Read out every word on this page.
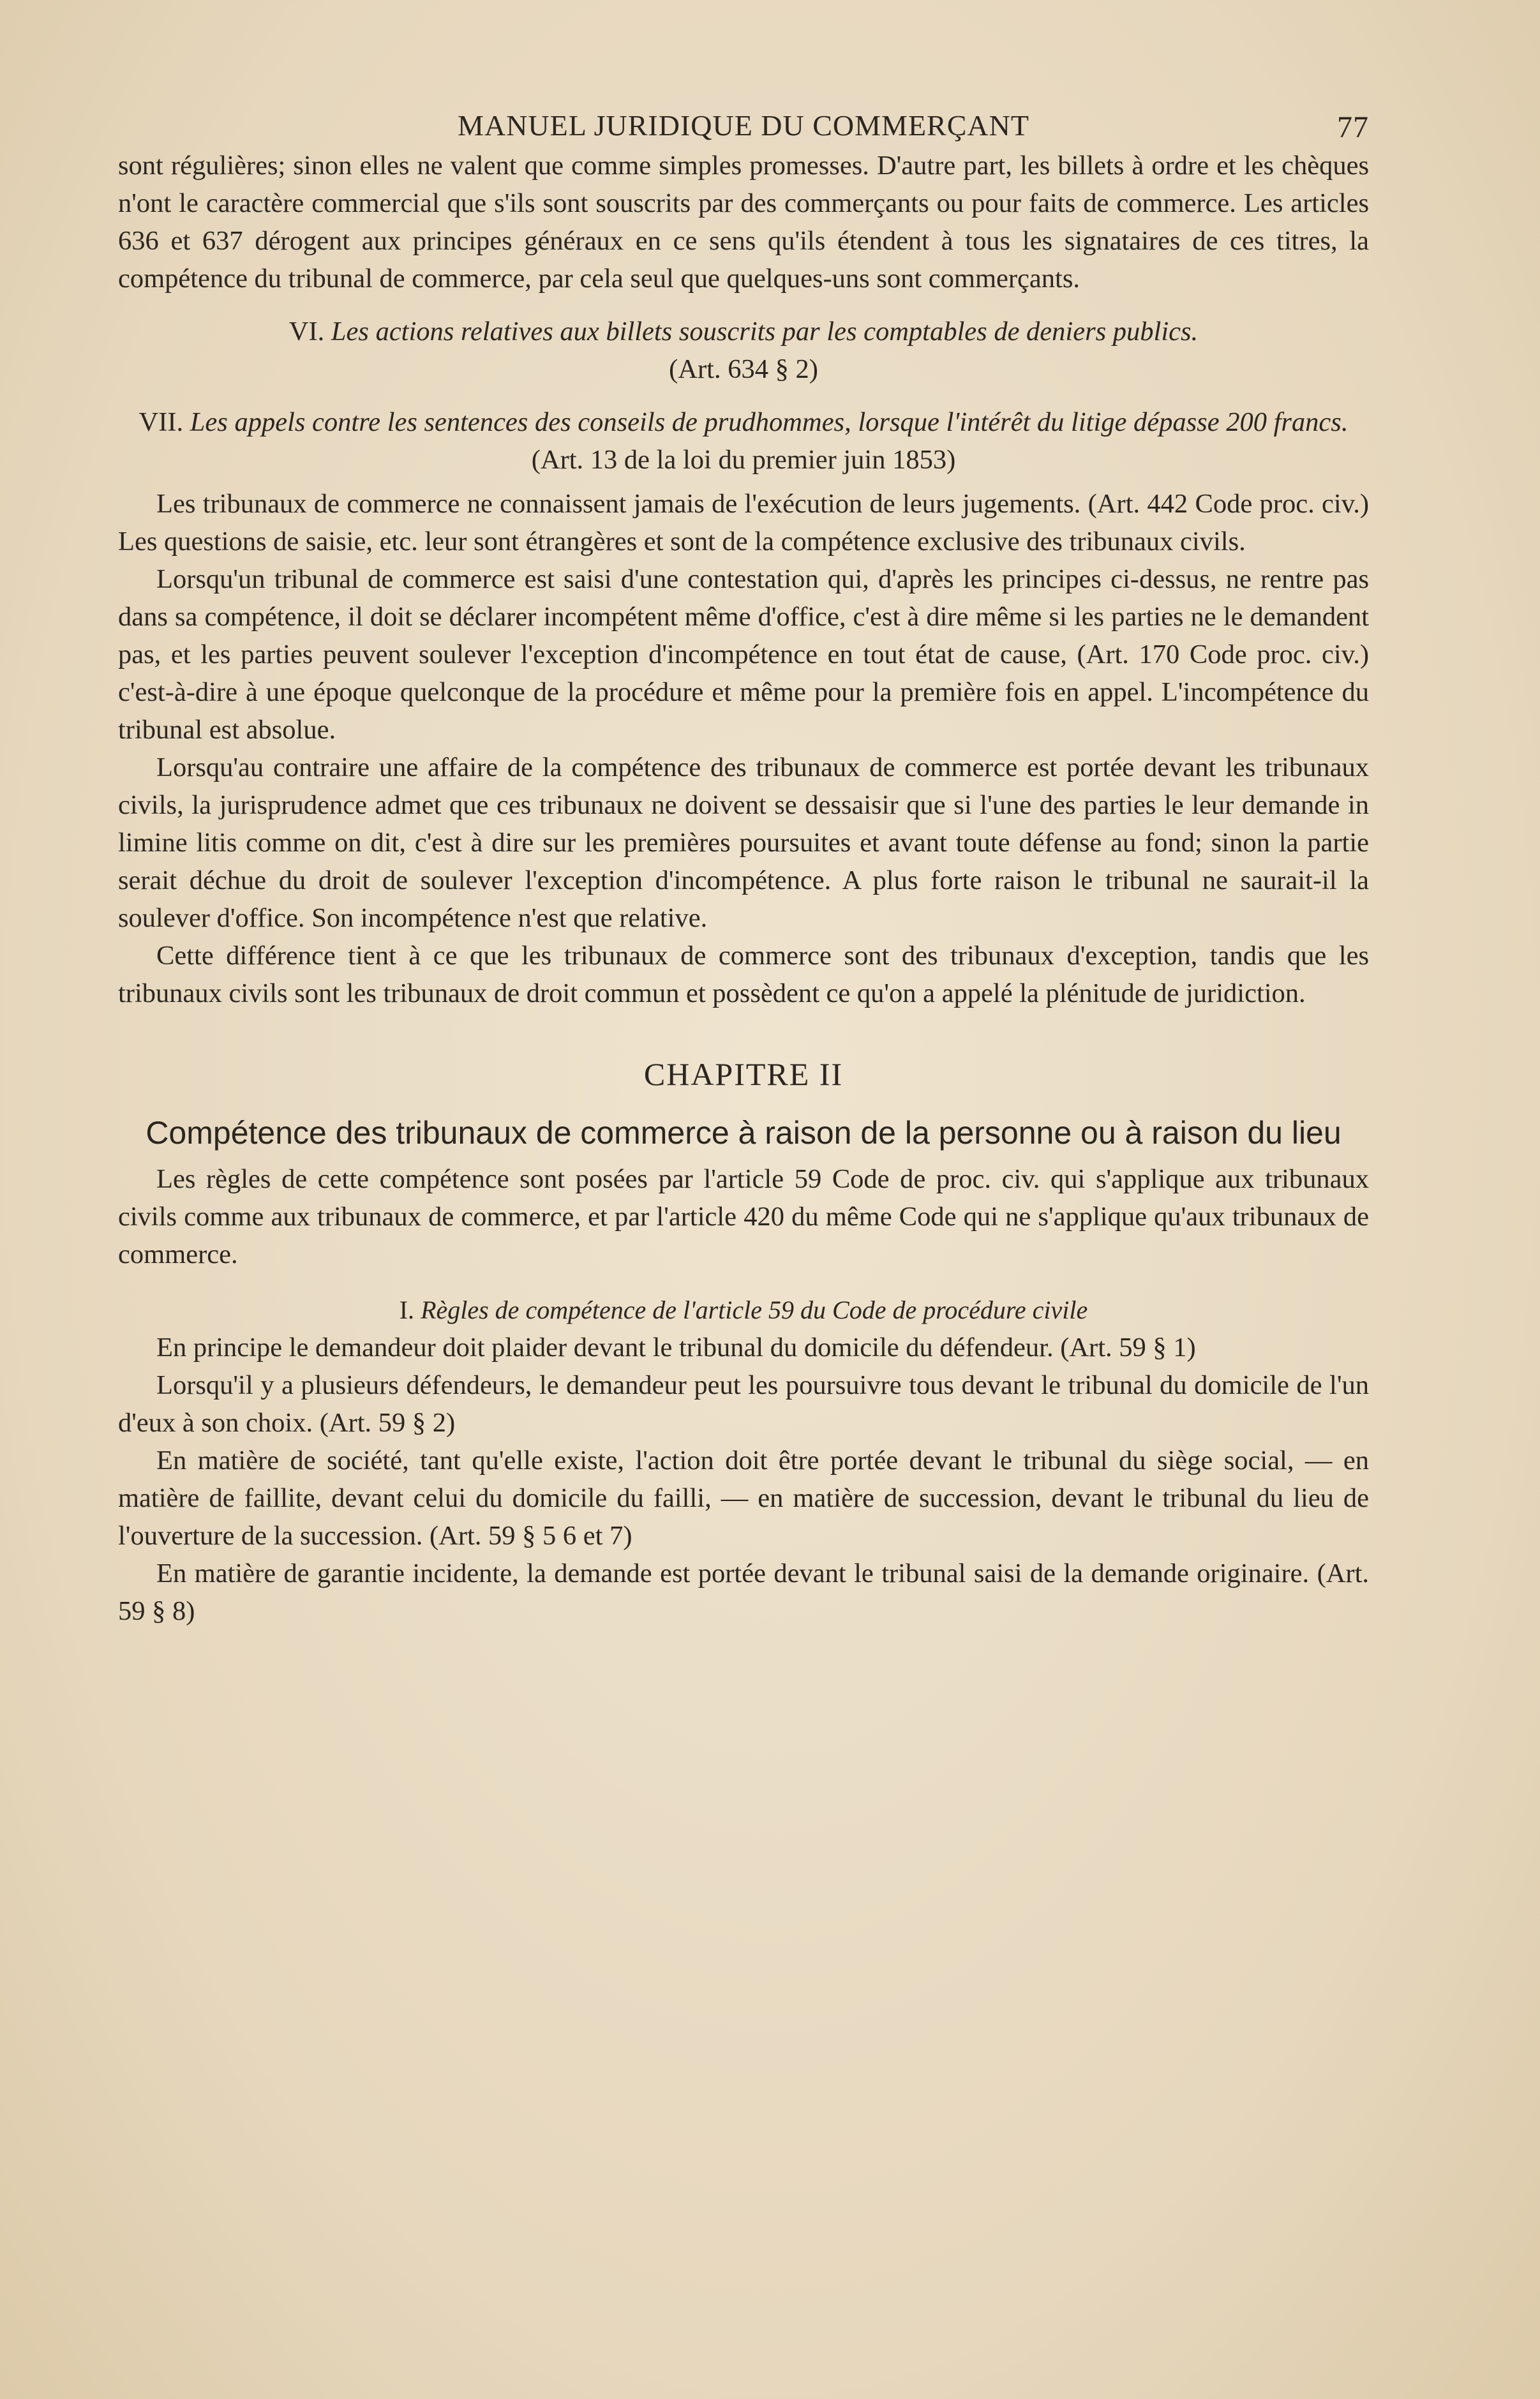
MANUEL JURIDIQUE DU COMMERÇANT	77

sont régulières; sinon elles ne valent que comme simples promesses. D'autre part, les billets à ordre et les chèques n'ont le caractère commercial que s'ils sont souscrits par des commerçants ou pour faits de commerce. Les articles 636 et 637 dérogent aux principes généraux en ce sens qu'ils étendent à tous les signataires de ces titres, la compétence du tribunal de commerce, par cela seul que quelques-uns sont commerçants.

VI. Les actions relatives aux billets souscrits par les comptables de deniers publics.

(Art. 634 § 2)

VII. Les appels contre les sentences des conseils de prudhommes, lorsque l'intérêt du litige dépasse 200 francs. (Art. 13 de la loi du premier juin 1853)

Les tribunaux de commerce ne connaissent jamais de l'exécution de leurs jugements. (Art. 442 Code proc. civ.) Les questions de saisie, etc. leur sont étrangères et sont de la compétence exclusive des tribunaux civils.

Lorsqu'un tribunal de commerce est saisi d'une contestation qui, d'après les principes ci-dessus, ne rentre pas dans sa compétence, il doit se déclarer incompétent même d'office, c'est à dire même si les parties ne le demandent pas, et les parties peuvent soulever l'exception d'incompétence en tout état de cause, (Art. 170 Code proc. civ.) c'est-à-dire à une époque quelconque de la procédure et même pour la première fois en appel. L'incompétence du tribunal est absolue.

Lorsqu'au contraire une affaire de la compétence des tribunaux de commerce est portée devant les tribunaux civils, la jurisprudence admet que ces tribunaux ne doivent se dessaisir que si l'une des parties le leur demande in limine litis comme on dit, c'est à dire sur les premières poursuites et avant toute défense au fond; sinon la partie serait déchue du droit de soulever l'exception d'incompétence. A plus forte raison le tribunal ne saurait-il la soulever d'office. Son incompétence n'est que relative.

Cette différence tient à ce que les tribunaux de commerce sont des tribunaux d'exception, tandis que les tribunaux civils sont les tribunaux de droit commun et possèdent ce qu'on a appelé la plénitude de juridiction.

CHAPITRE II
Compétence des tribunaux de commerce à raison de la personne ou à raison du lieu

Les règles de cette compétence sont posées par l'article 59 Code de proc. civ. qui s'applique aux tribunaux civils comme aux tribunaux de commerce, et par l'article 420 du même Code qui ne s'applique qu'aux tribunaux de commerce.

I. Règles de compétence de l'article 59 du Code de procédure civile

En principe le demandeur doit plaider devant le tribunal du domicile du défendeur. (Art. 59 § 1)

Lorsqu'il y a plusieurs défendeurs, le demandeur peut les poursuivre tous devant le tribunal du domicile de l'un d'eux à son choix. (Art. 59 § 2)

En matière de société, tant qu'elle existe, l'action doit être portée devant le tribunal du siège social, — en matière de faillite, devant celui du domicile du failli, — en matière de succession, devant le tribunal du lieu de l'ouverture de la succession. (Art. 59 § 5 6 et 7)

En matière de garantie incidente, la demande est portée devant le tribunal saisi de la demande originaire. (Art. 59 § 8)
